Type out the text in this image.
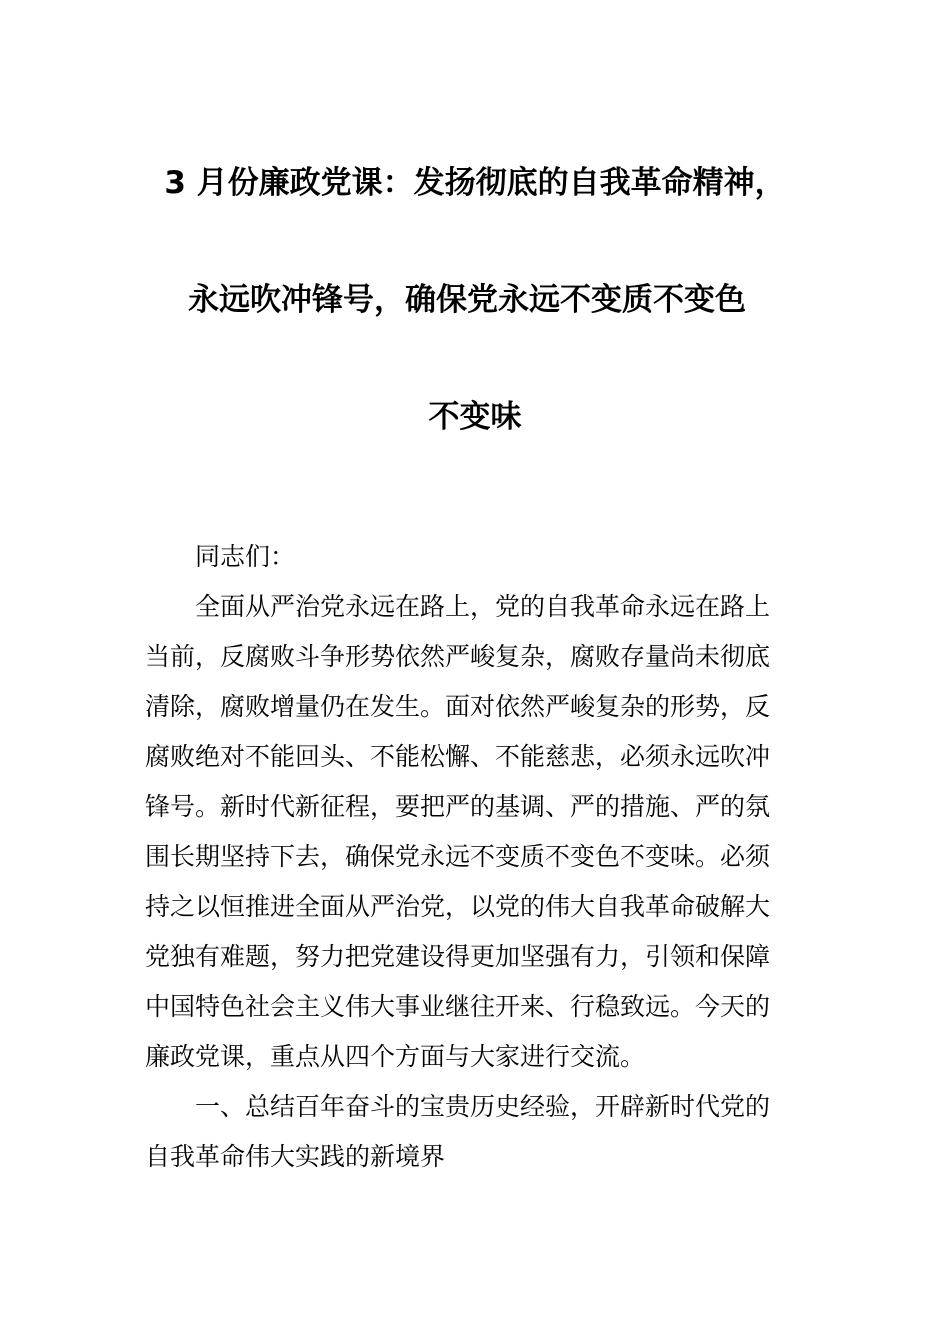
3 月份廉政党课：发扬彻底的自我革命精神，
永远吹冲锋号，确保党永远不变质不变色
不变味
同志们：
全面从严治党永远在路上，党的自我革命永远在路上
当前，反腐败斗争形势依然严峻复杂，腐败存量尚未彻底
清除，腐败增量仍在发生。面对依然严峻复杂的形势，反
腐败绝对不能回头、不能松懈、不能慈悲，必须永远吹冲
锋号。新时代新征程，要把严的基调、严的措施、严的氛
围长期坚持下去，确保党永远不变质不变色不变味。必须
持之以恒推进全面从严治党，以党的伟大自我革命破解大
党独有难题，努力把党建设得更加坚强有力，引领和保障
中国特色社会主义伟大事业继往开来、行稳致远。今天的
廉政党课，重点从四个方面与大家进行交流。
一、总结百年奋斗的宝贵历史经验，开辟新时代党的
自我革命伟大实践的新境界
